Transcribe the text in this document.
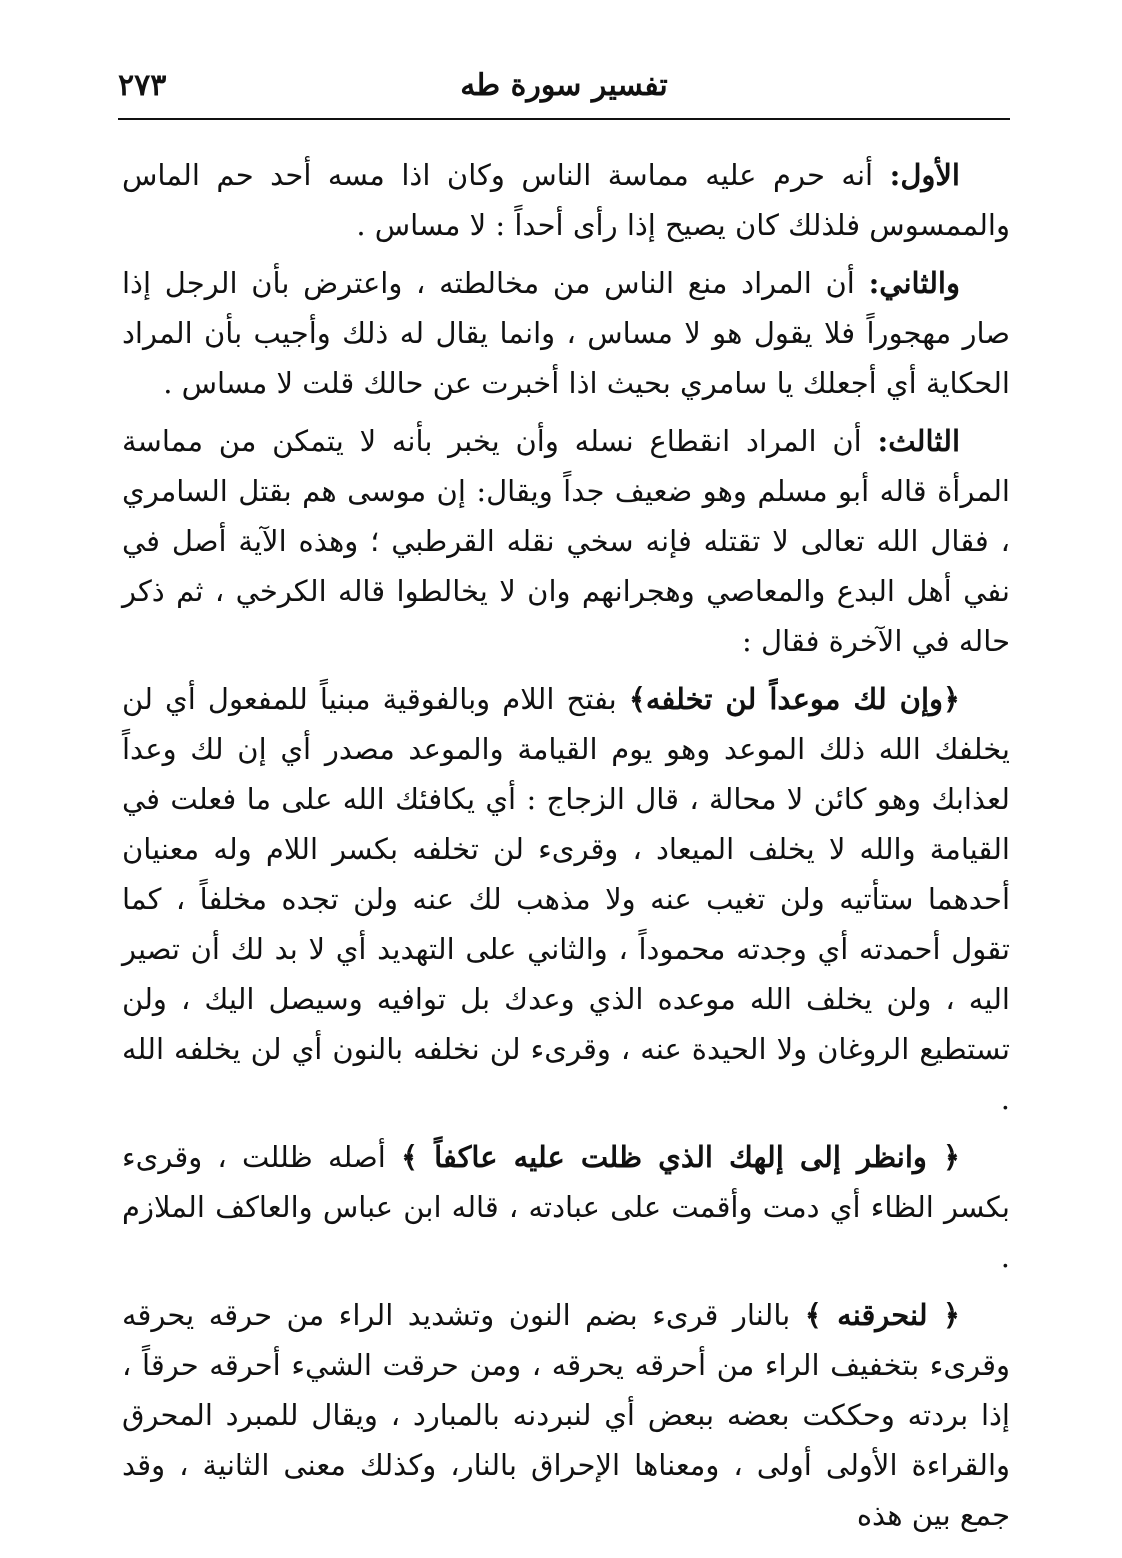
٢٧٣	تفسير سورة طه

الأول: أنه حرم عليه مماسة الناس وكان اذا مسه أحد حم الماس والممسوس فلذلك كان يصيح إذا رأى أحداً : لا مساس .

والثاني: أن المراد منع الناس من مخالطته ، واعترض بأن الرجل إذا صار مهجوراً فلا يقول هو لا مساس ، وانما يقال له ذلك وأجيب بأن المراد الحكاية أي أجعلك يا سامري بحيث اذا أخبرت عن حالك قلت لا مساس .

الثالث: أن المراد انقطاع نسله وأن يخبر بأنه لا يتمكن من مماسة المرأة قاله أبو مسلم وهو ضعيف جداً ويقال: إن موسى هم بقتل السامري ، فقال الله تعالى لا تقتله فإنه سخي نقله القرطبي ؛ وهذه الآية أصل في نفي أهل البدع والمعاصي وهجرانهم وان لا يخالطوا قاله الكرخي ، ثم ذكر حاله في الآخرة فقال :

﴿وإن لك موعداً لن تخلفه﴾ بفتح اللام وبالفوقية مبنياً للمفعول أي لن يخلفك الله ذلك الموعد وهو يوم القيامة والموعد مصدر أي إن لك وعداً لعذابك وهو كائن لا محالة ، قال الزجاج : أي يكافئك الله على ما فعلت في القيامة والله لا يخلف الميعاد ، وقرىء لن تخلفه بكسر اللام وله معنيان أحدهما ستأتيه ولن تغيب عنه ولا مذهب لك عنه ولن تجده مخلفاً ، كما تقول أحمدته أي وجدته محموداً ، والثاني على التهديد أي لا بد لك أن تصير اليه ، ولن يخلف الله موعده الذي وعدك بل توافيه وسيصل اليك ، ولن تستطيع الروغان ولا الحيدة عنه ، وقرىء لن نخلفه بالنون أي لن يخلفه الله .

﴿ وانظر إلى إلهك الذي ظلت عليه عاكفاً ﴾ أصله ظللت ، وقرىء بكسر الظاء أي دمت وأقمت على عبادته ، قاله ابن عباس والعاكف الملازم .

﴿ لنحرقنه ﴾ بالنار قرىء بضم النون وتشديد الراء من حرقه يحرقه وقرىء بتخفيف الراء من أحرقه يحرقه ، ومن حرقت الشيء أحرقه حرقاً ، إذا بردته وحككت بعضه ببعض أي لنبردنه بالمبارد ، ويقال للمبرد المحرق والقراءة الأولى أولى ، ومعناها الإحراق بالنار، وكذلك معنى الثانية ، وقد جمع بين هذه
